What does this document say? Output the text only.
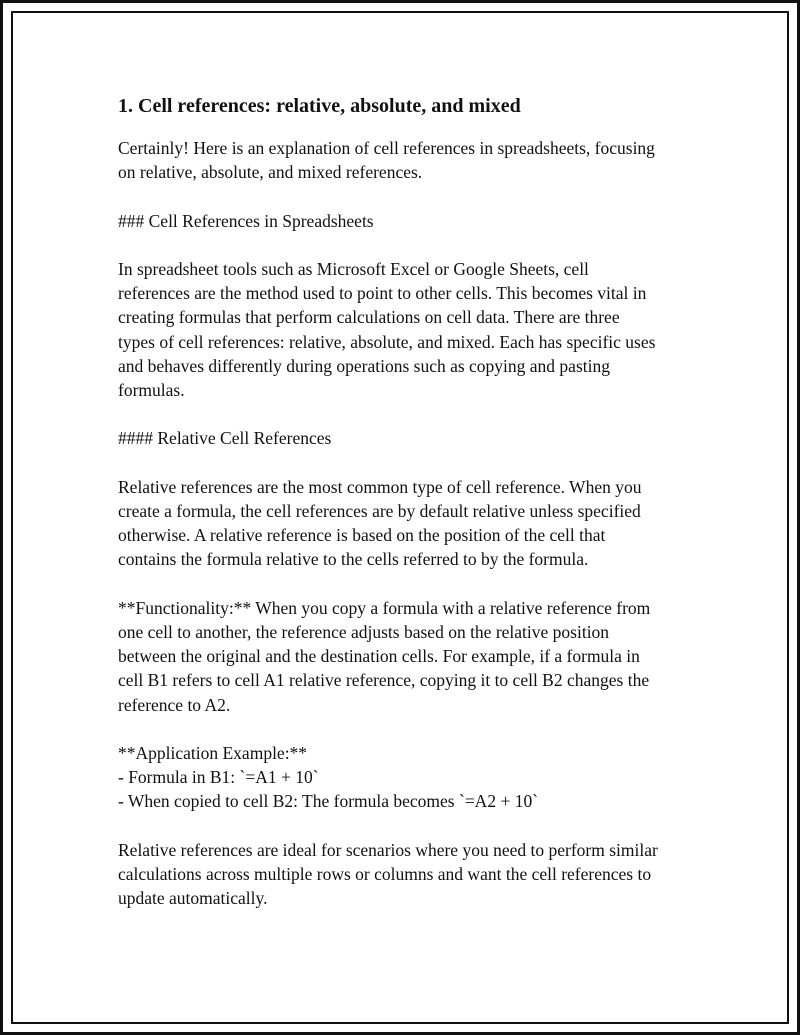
1. Cell references: relative, absolute, and mixed

Certainly! Here is an explanation of cell references in spreadsheets, focusing
on relative, absolute, and mixed references.

### Cell References in Spreadsheets

In spreadsheet tools such as Microsoft Excel or Google Sheets, cell
references are the method used to point to other cells. This becomes vital in
creating formulas that perform calculations on cell data. There are three
types of cell references: relative, absolute, and mixed. Each has specific uses
and behaves differently during operations such as copying and pasting
formulas.

#### Relative Cell References

Relative references are the most common type of cell reference. When you
create a formula, the cell references are by default relative unless specified
otherwise. A relative reference is based on the position of the cell that
contains the formula relative to the cells referred to by the formula.

**Functionality:** When you copy a formula with a relative reference from
one cell to another, the reference adjusts based on the relative position
between the original and the destination cells. For example, if a formula in
cell B1 refers to cell A1 relative reference, copying it to cell B2 changes the
reference to A2.

**Application Example:**

- Formula in B1: `=A1 + 10`

- When copied to cell B2: The formula becomes `=A2 + 10`

Relative references are ideal for scenarios where you need to perform similar
calculations across multiple rows or columns and want the cell references to
update automatically.
